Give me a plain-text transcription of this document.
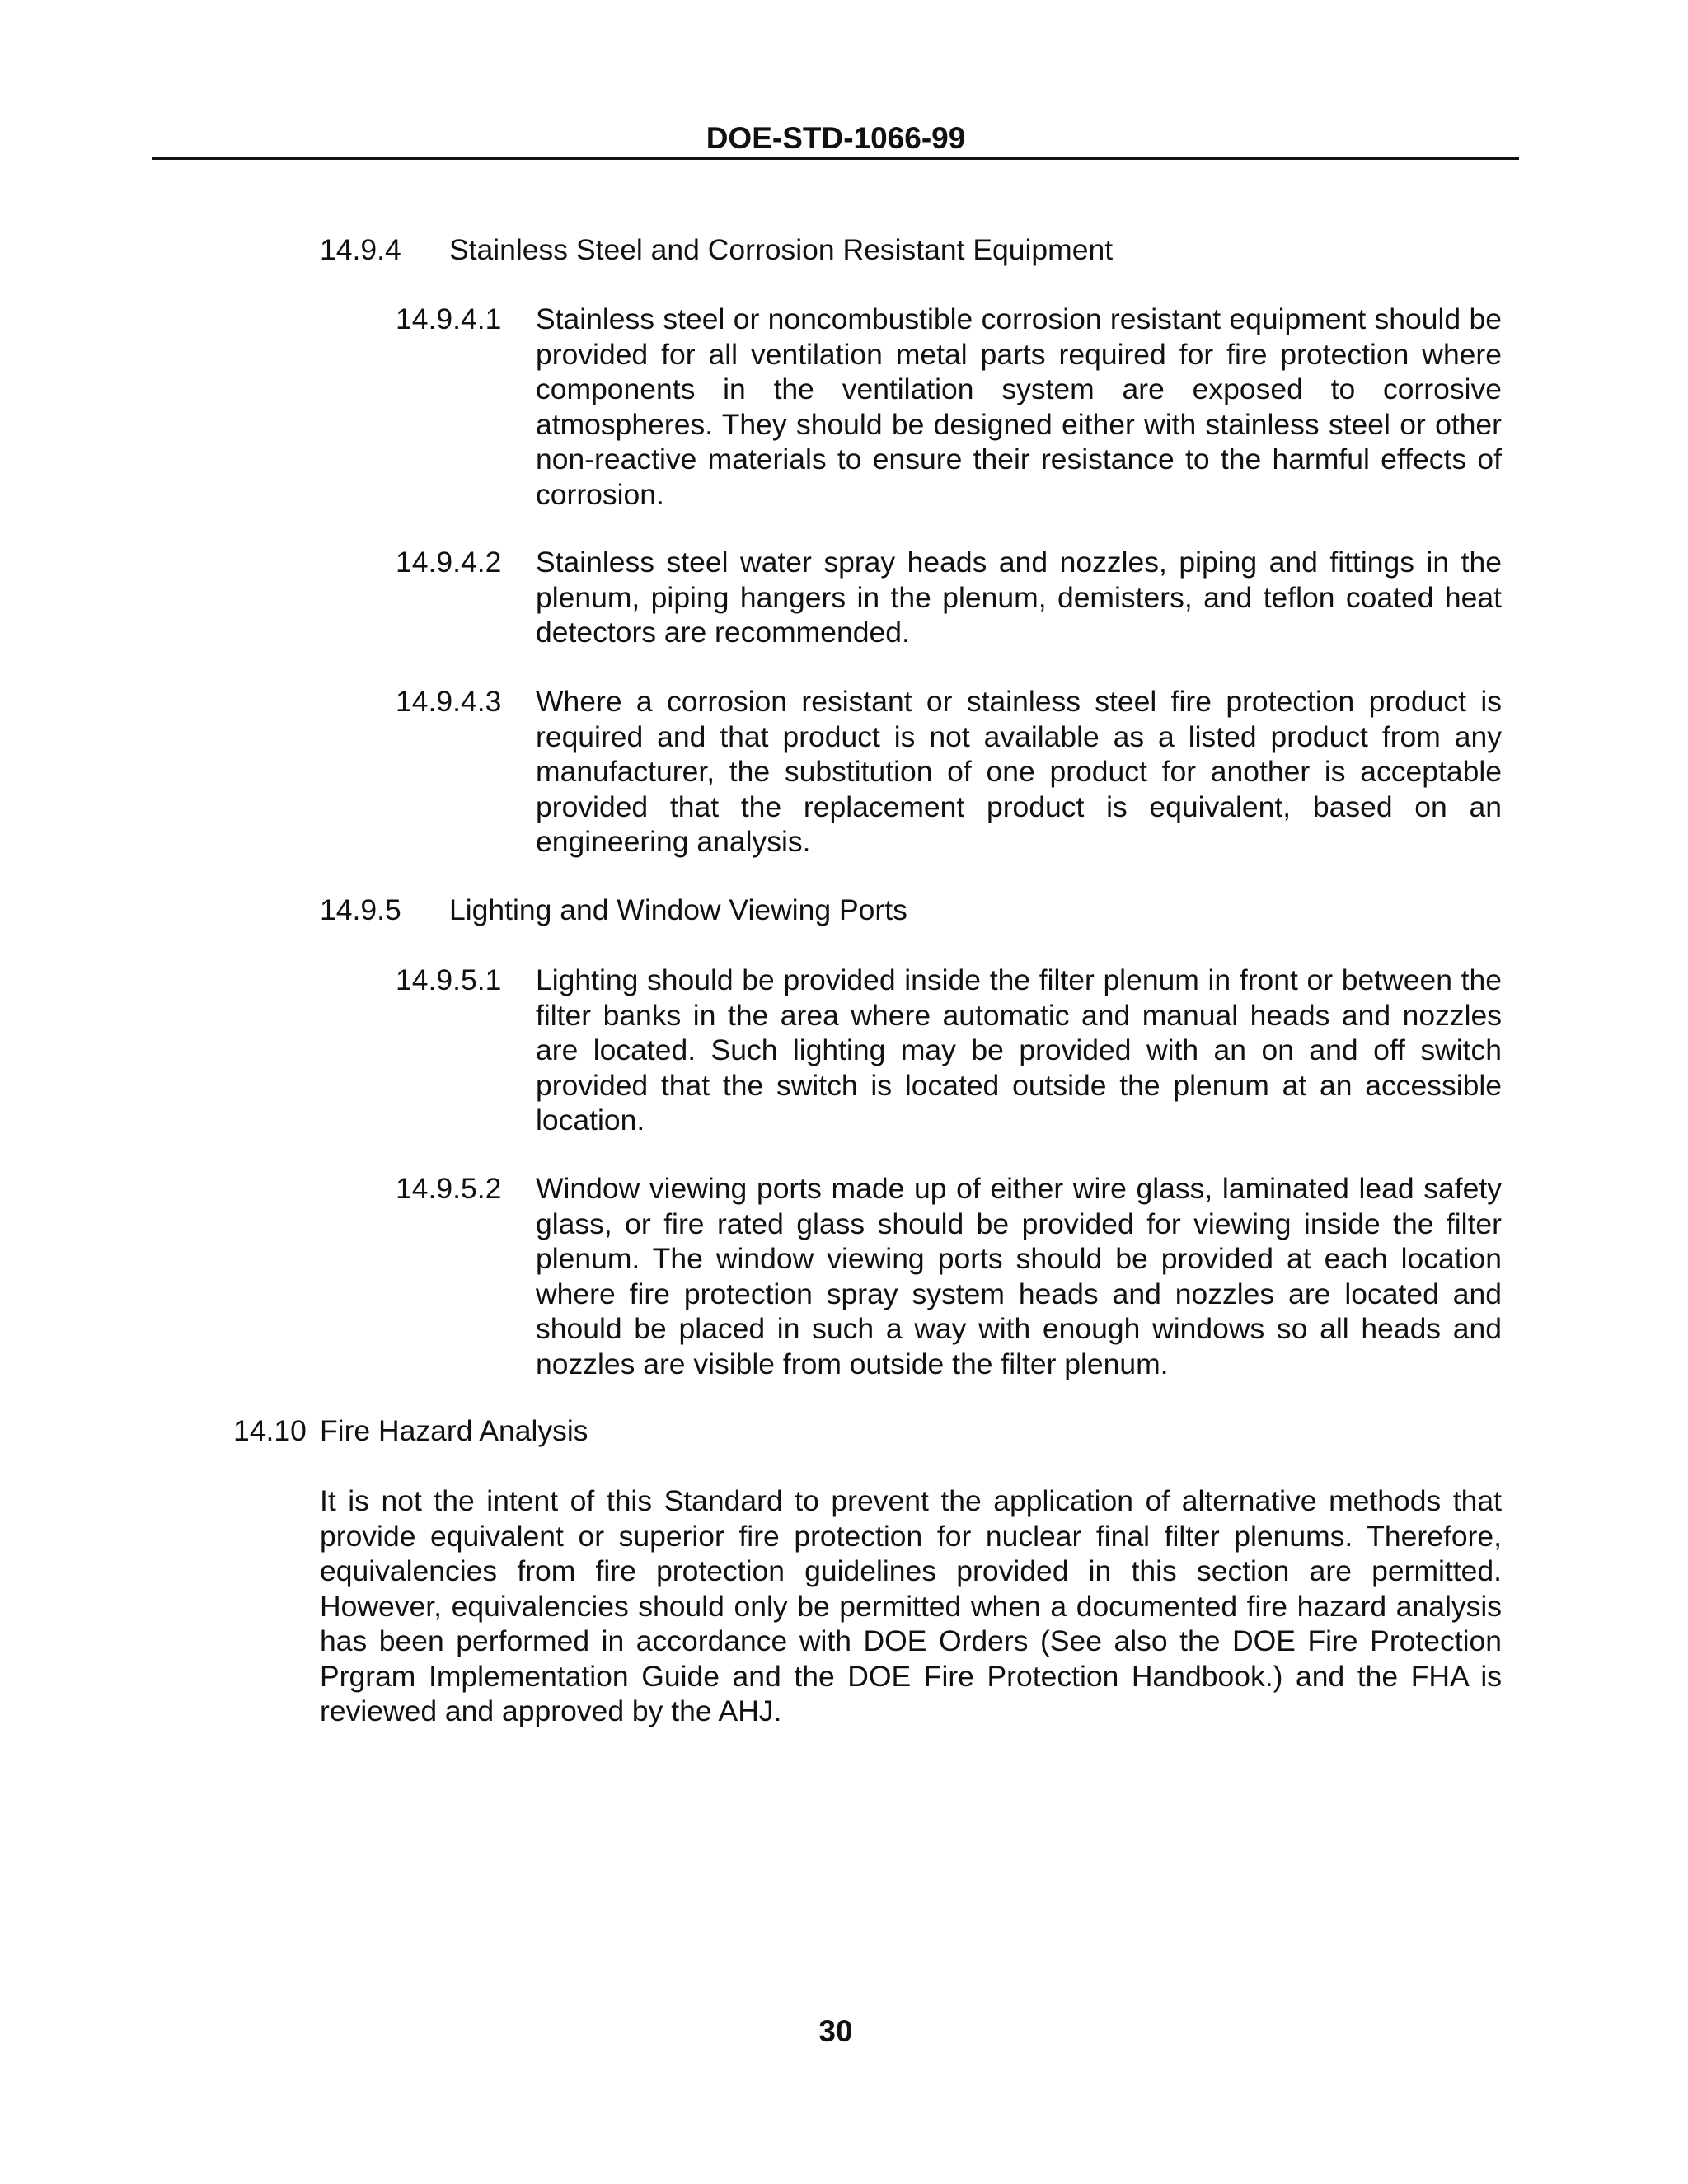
DOE-STD-1066-99
14.9.4 Stainless Steel and Corrosion Resistant Equipment
14.9.4.1 Stainless steel or noncombustible corrosion resistant equipment should be provided for all ventilation metal parts required for fire protection where components in the ventilation system are exposed to corrosive atmospheres. They should be designed either with stainless steel or other non-reactive materials to ensure their resistance to the harmful effects of corrosion.
14.9.4.2 Stainless steel water spray heads and nozzles, piping and fittings in the plenum, piping hangers in the plenum, demisters, and teflon coated heat detectors are recommended.
14.9.4.3 Where a corrosion resistant or stainless steel fire protection product is required and that product is not available as a listed product from any manufacturer, the substitution of one product for another is acceptable provided that the replacement product is equivalent, based on an engineering analysis.
14.9.5 Lighting and Window Viewing Ports
14.9.5.1 Lighting should be provided inside the filter plenum in front or between the filter banks in the area where automatic and manual heads and nozzles are located. Such lighting may be provided with an on and off switch provided that the switch is located outside the plenum at an accessible location.
14.9.5.2 Window viewing ports made up of either wire glass, laminated lead safety glass, or fire rated glass should be provided for viewing inside the filter plenum. The window viewing ports should be provided at each location where fire protection spray system heads and nozzles are located and should be placed in such a way with enough windows so all heads and nozzles are visible from outside the filter plenum.
14.10 Fire Hazard Analysis
It is not the intent of this Standard to prevent the application of alternative methods that provide equivalent or superior fire protection for nuclear final filter plenums. Therefore, equivalencies from fire protection guidelines provided in this section are permitted. However, equivalencies should only be permitted when a documented fire hazard analysis has been performed in accordance with DOE Orders (See also the DOE Fire Protection Prgram Implementation Guide and the DOE Fire Protection Handbook.) and the FHA is reviewed and approved by the AHJ.
30
